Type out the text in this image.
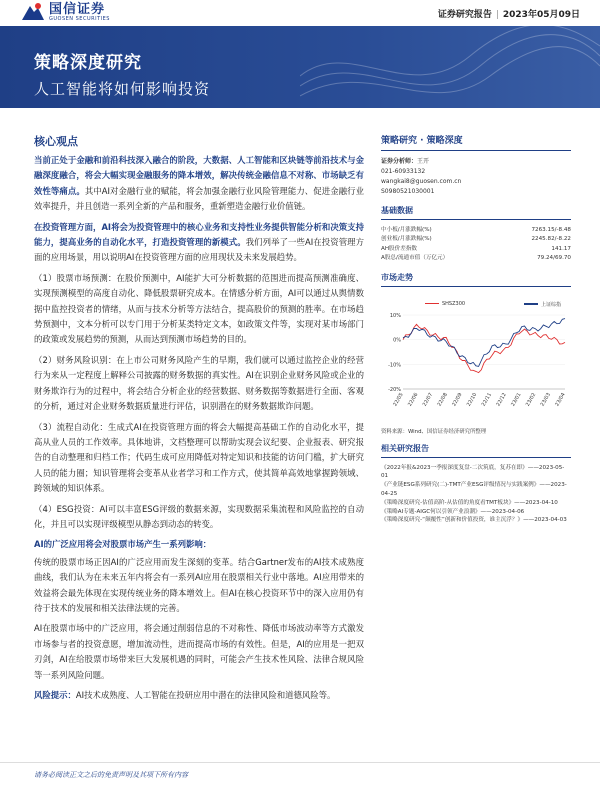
国信证券
GUOSEN SECURITIES	证券研究报告 | 2023年05月09日
策略深度研究
人工智能将如何影响投资
核心观点
当前正处于金融和前沿科技深入融合的阶段，大数据、人工智能和区块链等前沿技术与金融深度融合，将会大幅实现金融服务的降本增效，解决传统金融信息不对称、市场缺乏有效性等痛点。其中AI对金融行业的赋能，将会加强金融行业风险管理能力、促进金融行业效率提升，并且创造一系列全新的产品和服务，重新塑造金融行业价值链。
在投资管理方面，AI将会为投资管理中的核心业务和支持性业务提供智能分析和决策支持能力，提高业务的自动化水平，打造投资管理的新模式。我们列举了一些AI在投资管理方面的应用场景，用以说明AI在投资管理方面的应用现状及未来发展趋势。
（1）股票市场预测：在股价预测中，AI能扩大可分析数据的范围进而提高预测准确度、实现预测模型的高度自动化、降低股票研究成本。在情感分析方面，AI可以通过从舆情数据中监控投资者的情绪，从而与技术分析等方法结合，提高股价的预测的胜率。在市场趋势预测中，文本分析可以专门用于分析某类特定文本，如政策文件等，实现对某市场部门的政策或发展趋势的预测，从而达到预测市场趋势的目的。
（2）财务风险识别：在上市公司财务风险产生的早期，我们就可以通过监控企业的经营行为来从一定程度上解释公司披露的财务数据的真实性。AI在识别企业财务风险或企业的财务欺诈行为的过程中，将会结合分析企业的经营数据、财务数据等数据进行全面、客观的分析，通过对企业财务数据质量进行评估，识别潜在的财务数据欺诈问题。
（3）流程自动化：生成式AI在投资管理方面的将会大幅提高基础工作的自动化水平，提高从业人员的工作效率。具体地讲，文档整理可以帮助实现会议纪要、企业报表、研究报告的自动整理和归档工作；代码生成可应用降低对特定知识和技能的访问门槛，扩大研究人员的能力圈；知识管理将会变革从业者学习和工作方式，使其简单高效地掌握跨领域、跨领域的知识体系。
（4）ESG投资：AI可以丰富ESG评级的数据来源，实现数据采集流程和风险监控的自动化，并且可以实现评级模型从静态到动态的转变。
AI的广泛应用将会对股票市场产生一系列影响：
传统的股票市场正因AI的广泛应用而发生深刻的变革。结合Gartner发布的AI技术成熟度曲线，我们认为在未来五年内将会有一系列AI应用在股票相关行业中落地。AI应用带来的效益将会最先体现在实现传统业务的降本增效上。但AI在核心投资环节中的深入应用仍有待于技术的发展和相关法律法规的完善。
AI在股票市场中的广泛应用，将会通过削弱信息的不对称性、降低市场波动率等方式激发市场参与者的投资意愿，增加流动性，进而提高市场的有效性。但是，AI的应用是一把双刃剑，AI在给股票市场带来巨大发展机遇的同时，可能会产生技术性风险、法律合规风险等一系列风险问题。
风险提示：AI技术成熟度、人工智能在投研应用中潜在的法律风险和道德风险等。
策略研究 · 策略深度
证券分析师：王开
021-60933132
wangkai8@guosen.com.cn
S0980521030001
基础数据
中小板/月涨跌幅(%)	7263.15/-8.48
创业板/月涨跌幅(%)	2245.82/-8.22
AH股价差指数	141.17
A股总/流通市值（万亿元）	79.24/69.70
市场走势
SHSZ300	上证综指
10%
0%
-10%
-20%
22/05 22/06 22/07 22/08 22/09 22/10 22/11 22/12 23/01 23/02 23/03 23/04
资料来源：Wind、国信证券经济研究所整理
相关研究报告
《2022年报&2023一季报深度复盘-二次筑底，复苏在即》——2023-05-01
《产业链ESG系列研究(二)-TMT产业ESG评级情况与实践案例》——2023-04-25
《策略深度研究-估值高阶-从估值的角度看TMT板块》——2023-04-10
《策略AI专题-AIGC何以引领产业浪潮》——2023-04-06
《策略深度研究-“颠覆性”创新和价值投资，谁主沉浮？》——2023-04-03
请务必阅读正文之后的免责声明及其项下所有内容
